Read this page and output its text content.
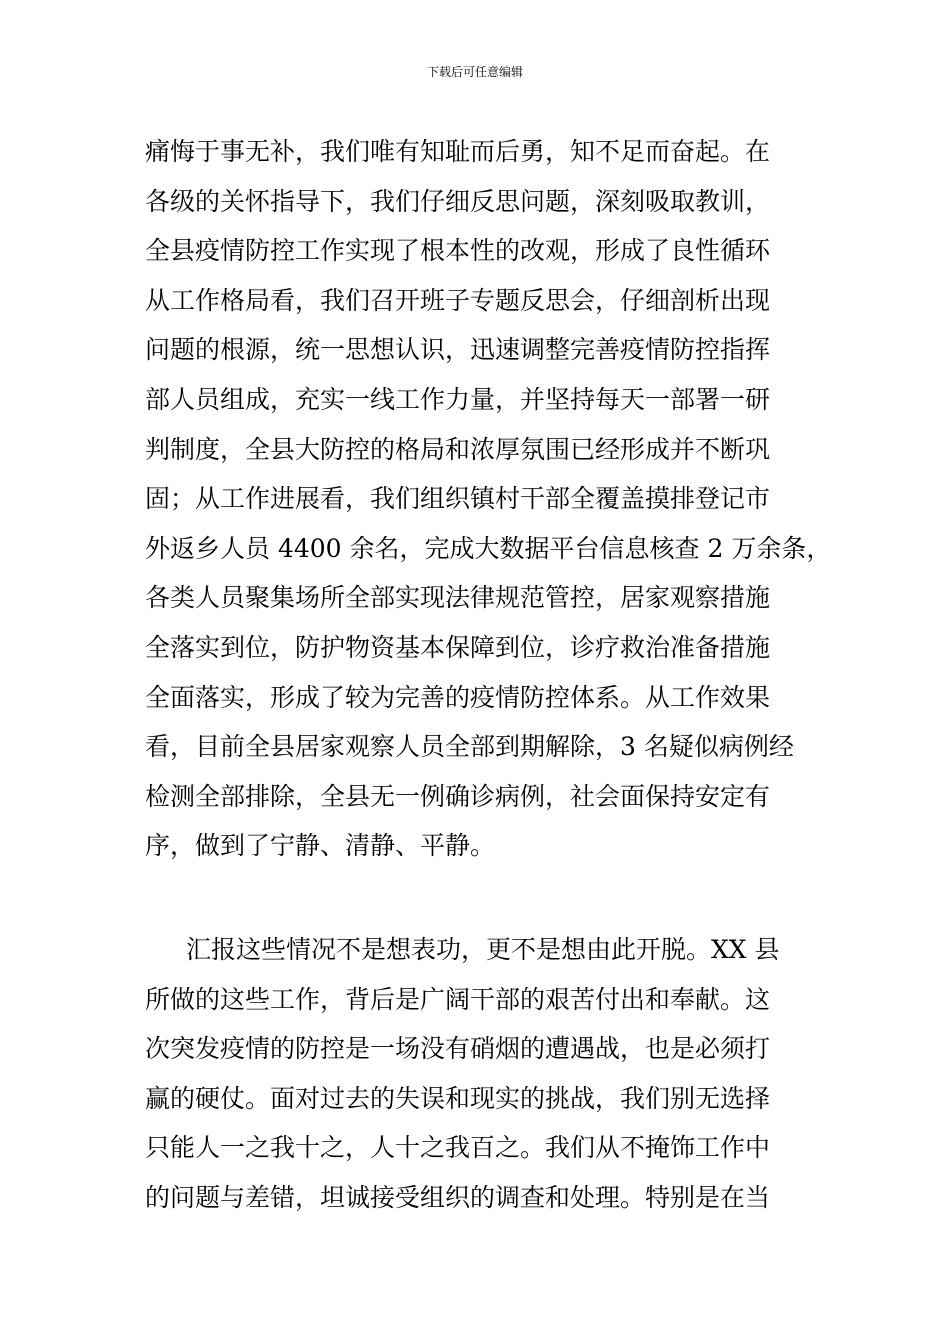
下载后可任意编辑
痛悔于事无补，我们唯有知耻而后勇，知不足而奋起。在
各级的关怀指导下，我们仔细反思问题，深刻吸取教训，
全县疫情防控工作实现了根本性的改观，形成了良性循环
从工作格局看，我们召开班子专题反思会，仔细剖析出现
问题的根源，统一思想认识，迅速调整完善疫情防控指挥
部人员组成，充实一线工作力量，并坚持每天一部署一研
判制度，全县大防控的格局和浓厚氛围已经形成并不断巩
固；从工作进展看，我们组织镇村干部全覆盖摸排登记市
外返乡人员 4400 余名，完成大数据平台信息核查 2 万余条，
各类人员聚集场所全部实现法律规范管控，居家观察措施
全落实到位，防护物资基本保障到位，诊疗救治准备措施
全面落实，形成了较为完善的疫情防控体系。从工作效果
看，目前全县居家观察人员全部到期解除，3 名疑似病例经
检测全部排除，全县无一例确诊病例，社会面保持安定有
序，做到了宁静、清静、平静。
汇报这些情况不是想表功，更不是想由此开脱。XX 县
所做的这些工作，背后是广阔干部的艰苦付出和奉献。这
次突发疫情的防控是一场没有硝烟的遭遇战，也是必须打
赢的硬仗。面对过去的失误和现实的挑战，我们别无选择
只能人一之我十之，人十之我百之。我们从不掩饰工作中
的问题与差错，坦诚接受组织的调查和处理。特别是在当
